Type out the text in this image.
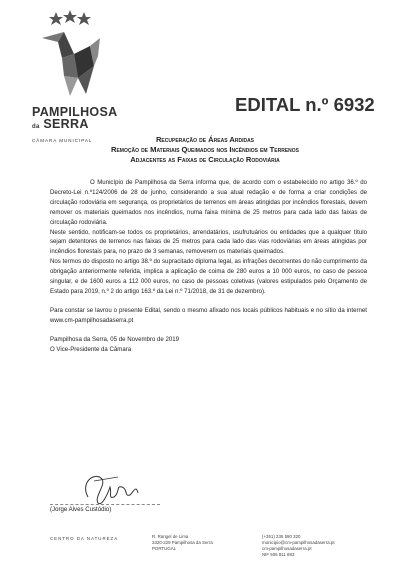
PAMPILHOSA
da SERRA
CÂMARA MUNICIPAL
EDITAL n.º 6932
Recuperação de Áreas Ardidas
Remoção de Materiais Queimados nos Incêndios em Terrenos
Adjacentes as Faixas de Circulação Rodoviária

O Município de Pampilhosa da Serra informa que, de acordo com o estabelecido no artigo 36.º do Decreto-Lei n.º124/2006 de 28 de junho, considerando a sua atual redação e de forma a criar condições de circulação rodoviária em segurança, os proprietários de terrenos em áreas atingidas por incêndios florestais, devem remover os materiais queimados nos incêndios, numa faixa mínima de 25 metros para cada lado das faixas de circulação rodoviária.

Neste sentido, notificam-se todos os proprietários, arrendatários, usufrutuários ou entidades que a qualquer título sejam detentores de terrenos nas faixas de 25 metros para cada lado das vias rodoviárias em áreas atingidas por incêndios florestais para, no prazo de 3 semanas, removerem os materiais queimados.

Nos termos do disposto no artigo 38.º do supracitado diploma legal, as infrações decorrentes do não cumprimento da obrigação anteriormente referida, implica a aplicação de coima de 280 euros a 10 000 euros, no caso de pessoa singular, e de 1600 euros a 112 000 euros, no caso de pessoas coletivas (valores estipulados pelo Orçamento de Estado para 2019, n.º 2 do artigo 163.º da Lei n.º 71/2018, de 31 de dezembro).

Para constar se lavrou o presente Edital, sendo o mesmo afixado nos locais públicos habituais e no sítio da internet www.cm-pampilhosadaserra.pt

Pampilhosa da Serra, 05 de Novembro de 2019

O Vice-Presidente da Câmara

(Jorge Alves Custódio)
CENTRO DA NATUREZA	R. Rangel de Lima
3320-229 Pampilhosa da Serra
PORTUGAL
(+351) 235 590 320
municipio@cm-pampilhosadaserra.pt
cm-pampilhosadaserra.pt
NIF 506 811 883
